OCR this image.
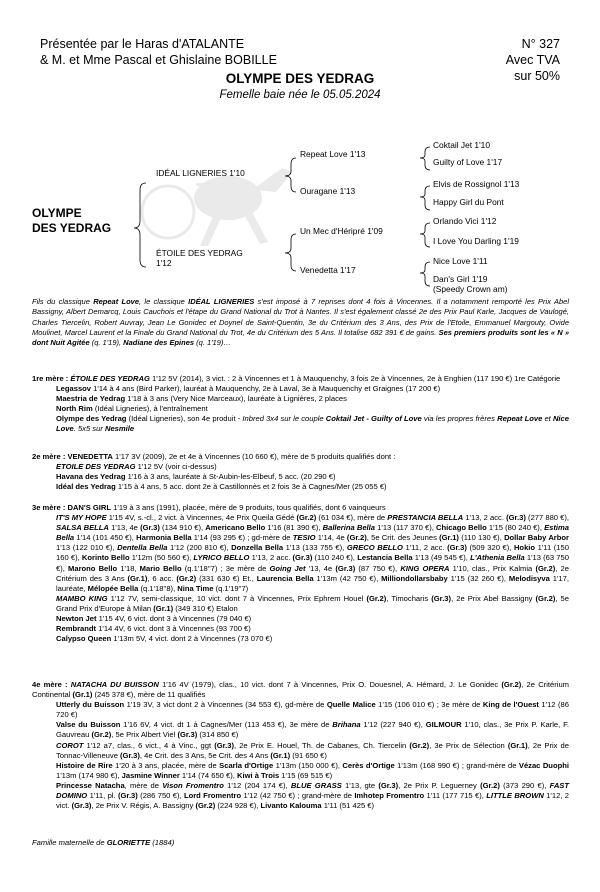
Présentée par le Haras d'ATALANTE
& M. et Mme Pascal et Ghislaine BOBILLE
N° 327
Avec TVA
sur 50%
OLYMPE DES YEDRAG
Femelle baie née le 05.05.2024
OLYMPE
DES YEDRAG
IDÉAL LIGNERIES 1'10
ÉTOILE DES YEDRAG
1'12
Repeat Love 1'13
Ouragane 1'13
Un Mec d'Héripré 1'09
Venedetta 1'17
Coktail Jet 1'10
Guilty of Love 1'17
Elvis de Rossignol 1'13
Happy Girl du Pont
Orlando Vici 1'12
I Love You Darling 1'19
Nice Love 1'11
Dan's Girl 1'19
(Speedy Crown am)
Fils du classique Repeat Love, le classique IDÉAL LIGNERIES s'est imposé à 7 reprises dont 4 fois à Vincennes. Il a notamment remporté les Prix Abel Bassigny, Albert Demarcq, Louis Cauchois et l'étape du Grand National du Trot à Nantes. Il s'est également classé 2e des Prix Paul Karle, Jacques de Vaulogé, Charles Tiercelin, Robert Auvray, Jean Le Gonidec et Doynel de Saint-Quentin, 3e du Critérium des 3 Ans, des Prix de l'Etoile, Emmanuel Margouty, Ovide Moulinet, Marcel Laurent et la Finale du Grand National du Trot, 4e du Critérium des 5 Ans. Il totalise 682 391 € de gains. Ses premiers produits sont les « N » dont Nuit Agitée (q. 1'19), Nadiane des Epines (q. 1'19)…

1re mère : ÉTOILE DES YEDRAG 1'12 5V (2014), 3 vict. : 2 à Vincennes et 1 à Mauquenchy, 3 fois 2e à Vincennes, 2e à Enghien (117 190 €) 1re Catégorie

Legassov 1'14 à 4 ans (Bird Parker), lauréat à Mauquenchy, 2e à Laval, 3e à Mauquenchy et Graignes (17 200 €)

Maestria de Yedrag 1'18 à 3 ans (Very Nice Marceaux), lauréate à Lignières, 2 places

North Rim (Idéal Ligneries), à l'entraînement

Olympe des Yedrag (Idéal Ligneries), son 4e produit - Inbred 3x4 sur le couple Coktail Jet - Guilty of Love via les propres frères Repeat Love et Nice Love. 5x5 sur Nesmile

2e mère : VENEDETTA 1'17 3V (2009), 2e et 4e à Vincennes (10 660 €), mère de 5 produits qualifiés dont :

ETOILE DES YEDRAG 1'12 5V (voir ci-dessus)

Havana des Yedrag 1'16 à 3 ans, lauréate à St-Aubin-les-Elbeuf, 5 acc. (20 290 €)

Idéal des Yedrag 1'15 à 4 ans, 5 acc. dont 2e à Castillonnès et 2 fois 3e à Cagnes/Mer (25 055 €)

3e mère : DAN'S GIRL 1'19 à 3 ans (1991), placée, mère de 9 produits, tous qualifiés, dont 6 vainqueurs

IT'S MY HOPE 1'15 4V, s.-cl., 2 vict. à Vincennes, 4e Prix Queila Gédé (Gr.2) (61 034 €), mère de PRESTANCIA BELLA 1'13, 2 acc. (Gr.3) (277 880 €), SALSA BELLA 1'13, 4e (Gr.3) (134 910 €), Americano Bello 1'16 (81 390 €), Ballerina Bella 1'13 (117 370 €), Chicago Bello 1'15 (80 240 €), Estima Bella 1'14 (101 450 €), Harmonia Bella 1'14 (93 295 €) ; gd-mère de TESIO 1'14, 4e (Gr.2), 5e Crit. des Jeunes (Gr.1) (110 130 €), Dollar Baby Arbor 1'13 (122 010 €), Dentella Bella 1'12 (200 810 €), Donzella Bella 1'13 (133 755 €), GRECO BELLO 1'11, 2 acc. (Gr.3) (509 320 €), Hokio 1'11 (150 160 €), Korinto Bello 1'12m (50 560 €), LYRICO BELLO 1'13, 2 acc. (Gr.3) (110 240 €), Lestancia Bella 1'13 (49 545 €), L'Athenia Bella 1'13 (63 750 €), Marono Bello 1'18, Mario Bello (q.1'18''7) ; 3e mère de Going Jet '13, 4e (Gr.3) (87 750 €), KING OPERA 1'10, clas., Prix Kalmia (Gr.2), 2e Critérium des 3 Ans (Gr.1), 6 acc. (Gr.2) (331 630 €) Et., Laurencia Bella 1'13m (42 750 €), Milliondollarsbaby 1'15 (32 260 €), Melodisyva 1'17, lauréate, Mélopée Bella (q.1'18''8), Nina Time (q.1'19''7)

MAMBO KING 1'12 7V, semi-classique, 10 vict. dont 7 à Vincennes, Prix Ephrem Houel (Gr.2), Timocharis (Gr.3), 2e Prix Abel Bassigny (Gr.2), 5e Grand Prix d'Europe à Milan (Gr.1) (349 310 €) Etalon

Newton Jet 1'15 4V, 6 vict. dont 3 à Vincennes (79 040 €)

Rembrandt 1'14 4V, 6 vict. dont 3 à Vincennes (93 700 €)

Calypso Queen 1'13m 5V, 4 vict. dont 2 à Vincennes (73 070 €)

4e mère : NATACHA DU BUISSON 1'16 4V (1979), clas., 10 vict. dont 7 à Vincennes, Prix O. Douesnel, A. Hémard, J. Le Gonidec (Gr.2), 2e Critérium Continental (Gr.1) (245 378 €), mère de 11 qualifiés

Utterly du Buisson 1'19 3V, 3 vict dont 2 à Vincennes (34 553 €), gd-mère de Quelle Malice 1'15 (106 010 €) ; 3e mère de King de l'Ouest 1'12 (86 720 €)

Valse du Buisson 1'16 6V, 4 vict. dt 1 à Cagnes/Mer (113 453 €), 3e mère de Brihana 1'12 (227 940 €), GILMOUR 1'10, clas., 3e Prix P. Karle, F. Gauvreau (Gr.2), 5e Prix Albert Viel (Gr.3) (314 850 €)

COROT 1'12 a7, clas., 6 vict., 4 à Vinc., ggt (Gr.3), 2e Prix E. Houel, Th. de Cabanes, Ch. Tiercelin (Gr.2), 3e Prix de Sélection (Gr.1), 2e Prix de Tonnac-Villeneuve (Gr.3), 4e Crit. des 3 Ans, 5e Crit. des 4 Ans (Gr.1) (91 650 €)

Histoire de Rire 1'20 à 3 ans, placée, mère de Scarla d'Ortige 1'13m (150 000 €), Cerès d'Ortige 1'13m (168 990 €) ; grand-mère de Vézac Duophi 1'13m (174 980 €), Jasmine Winner 1'14 (74 650 €), Kiwi à Trois 1'15 (69 515 €)

Princesse Natacha, mère de Vison Fromentro 1'12 (204 174 €), BLUE GRASS 1'13, gte (Gr.3), 2e Prix P. Leguerney (Gr.2) (373 290 €), FAST DOMINO 1'11, pl. (Gr.3) (286 750 €), Lord Fromentro 1'12 (42 750 €) ; grand-mère de Imhotep Fromentro 1'11 (177 715 €), LITTLE BROWN 1'12, 2 vict. (Gr.3), 2e Prix V. Régis, A. Bassigny (Gr.2) (224 928 €), Livanto Kalouma 1'11 (51 425 €)

Famille maternelle de GLORIETTE (1884)
